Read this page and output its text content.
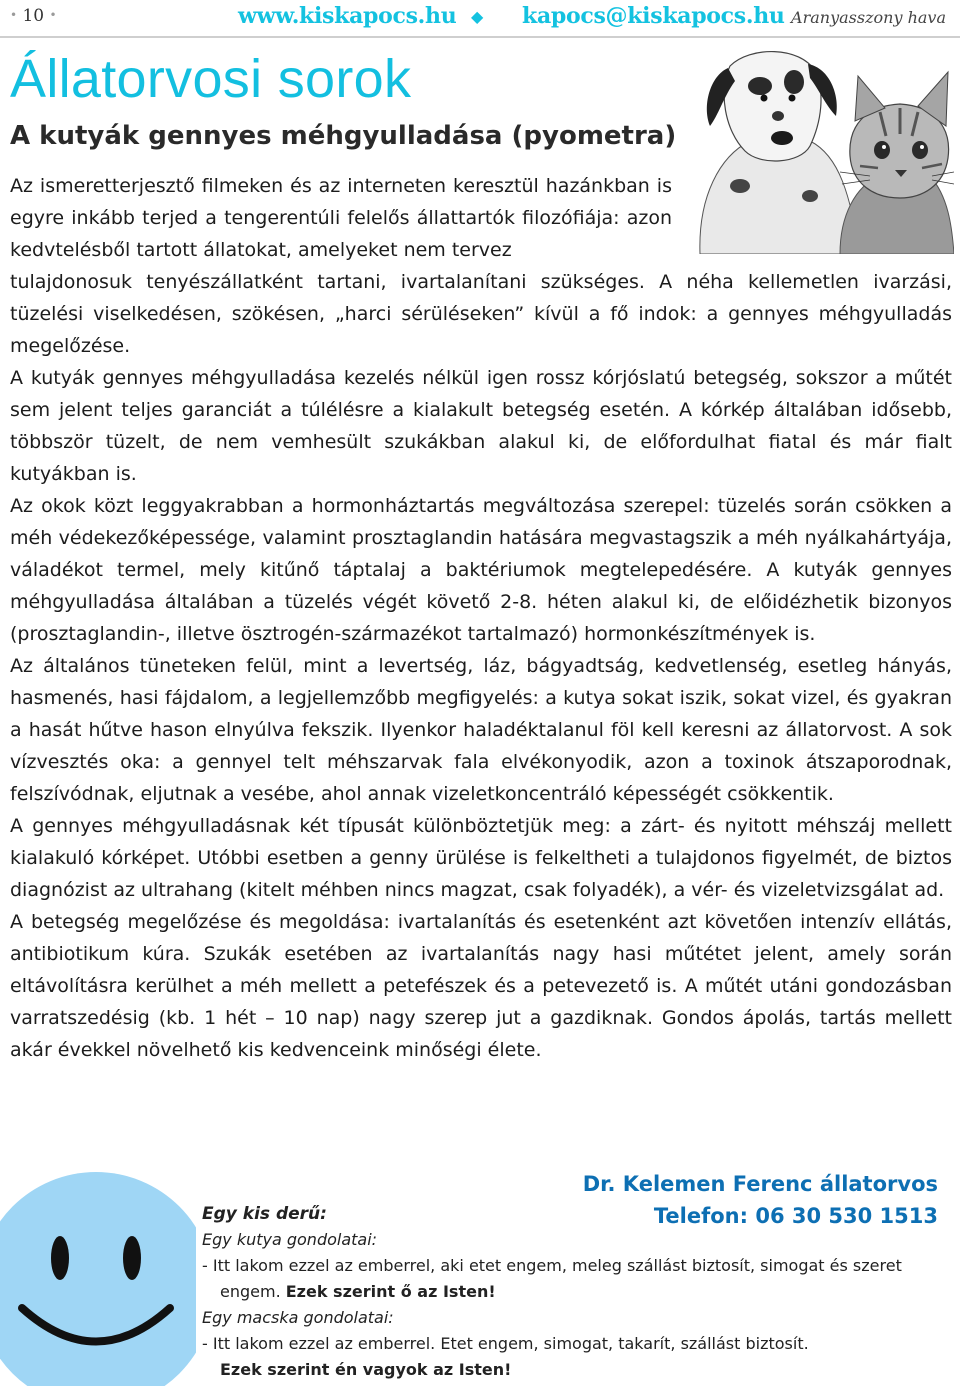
• 10 •	www.kiskapocs.hu ◆ kapocs@kiskapocs.hu Aranyasszony hava
Állatorvosi sorok
A kutyák gennyes méhgyulladása (pyometra)

Az ismeretterjesztő filmeken és az interneten keresztül hazánkban is egyre inkább terjed a tengerentúli felelős állattartók filozófiája: azon kedvtelésből tartott állatokat, amelyeket nem tervez

tulajdonosuk tenyészállatként tartani, ivartalanítani szükséges. A néha kellemetlen ivarzási, tüzelési viselkedésen, szökésen, „harci sérüléseken” kívül a fő indok: a gennyes méhgyulladás megelőzése.

A kutyák gennyes méhgyulladása kezelés nélkül igen rossz kórjóslatú betegség, sokszor a műtét sem jelent teljes garanciát a túlélésre a kialakult betegség esetén. A kórkép általában idősebb, többször tüzelt, de nem vemhesült szukákban alakul ki, de előfordulhat fiatal és már fialt kutyákban is.

Az okok közt leggyakrabban a hormonháztartás megváltozása szerepel: tüzelés során csökken a méh védekezőképessége, valamint prosztaglandin hatására megvastagszik a méh nyálkahártyája, váladékot termel, mely kitűnő táptalaj a baktériumok megtelepedésére. A kutyák gennyes méhgyulladása általában a tüzelés végét követő 2-8. héten alakul ki, de előidézhetik bizonyos (prosztaglandin-, illetve ösztrogén-származékot tartalmazó) hormonkészítmények is.

Az általános tüneteken felül, mint a levertség, láz, bágyadtság, kedvetlenség, esetleg hányás, hasmenés, hasi fájdalom, a legjellemzőbb megfigyelés: a kutya sokat iszik, sokat vizel, és gyakran a hasát hűtve hason elnyúlva fekszik. Ilyenkor haladéktalanul föl kell keresni az állatorvost. A sok vízvesztés oka: a gennyel telt méhszarvak fala elvékonyodik, azon a toxinok átszaporodnak, felszívódnak, eljutnak a vesébe, ahol annak vizeletkoncentráló képességét csökkentik.

A gennyes méhgyulladásnak két típusát különböztetjük meg: a zárt- és nyitott méhszáj mellett kialakuló kórképet. Utóbbi esetben a genny ürülése is felkeltheti a tulajdonos figyelmét, de biztos diagnózist az ultrahang (kitelt méhben nincs magzat, csak folyadék), a vér- és vizeletvizsgálat ad.

A betegség megelőzése és megoldása: ivartalanítás és esetenként azt követően intenzív ellátás, antibiotikum kúra. Szukák esetében az ivartalanítás nagy hasi műtétet jelent, amely során eltávolításra kerülhet a méh mellett a petefészek és a petevezető is. A műtét utáni gondozásban varratszedésig (kb. 1 hét – 10 nap) nagy szerep jut a gazdiknak. Gondos ápolás, tartás mellett akár évekkel növelhető kis kedvenceink minőségi élete.

Dr. Kelemen Ferenc állatorvos
Telefon: 06 30 530 1513
Egy kis derű:
Egy kutya gondolatai:
- Itt lakom ezzel az emberrel, aki etet engem, meleg szállást biztosít, simogat és szeret engem. Ezek szerint ő az Isten!
Egy macska gondolatai:
- Itt lakom ezzel az emberrel. Etet engem, simogat, takarít, szállást biztosít.
Ezek szerint én vagyok az Isten!
